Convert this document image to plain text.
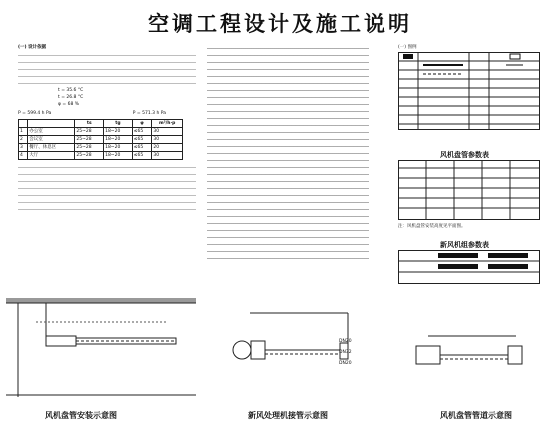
空调工程设计及施工说明
(一) 设计依据
t = 35.6 °C
t = 26.8 °C
φ = 68 %
P = 599.4 h Pa	P = 571.3 h Pa
		ts	tg	φ	m³/h·p
1	办公室	25~28	18~20	≤65	30
2	会议室	25~28	18~20	≤65	30
3	餐厅、休息区	25~28	18~20	≤65	20
4	大厅	25~28	18~20	≤65	30
风机盘管安装示意图
DN20
DN32
DN20
新风处理机接管示意图
(一) 图例
风机盘管参数表
注：风机盘管安装高度见平面图。
新风机组参数表
风机盘管管道示意图
